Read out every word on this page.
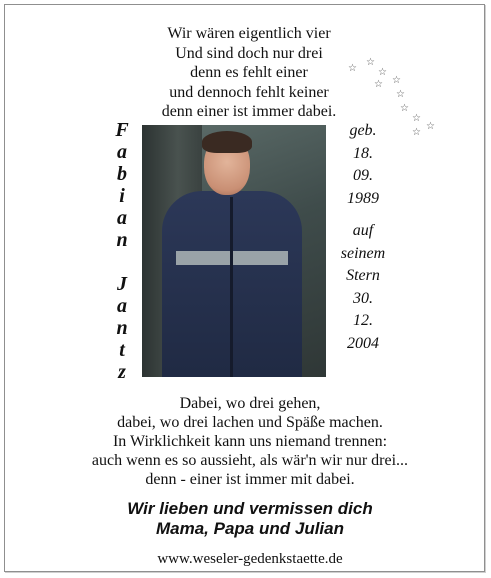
Wir wären eigentlich vier
Und sind doch nur drei
denn es fehlt einer
und dennoch fehlt keiner
denn einer ist immer dabei.
☆
☆
☆
☆ ☆
☆
☆
☆
☆
☆
F
a
b
i
a
n
J
a
n
t
z
geb.
18.
09.
1989
auf
seinem
Stern
30.
12.
2004
Dabei, wo drei gehen,
dabei, wo drei lachen und Späße machen.
In Wirklichkeit kann uns niemand trennen:
auch wenn es so aussieht, als wär'n wir nur drei...
denn - einer ist immer mit dabei.
Wir lieben und vermissen dich
Mama, Papa und Julian
www.weseler-gedenkstaette.de
